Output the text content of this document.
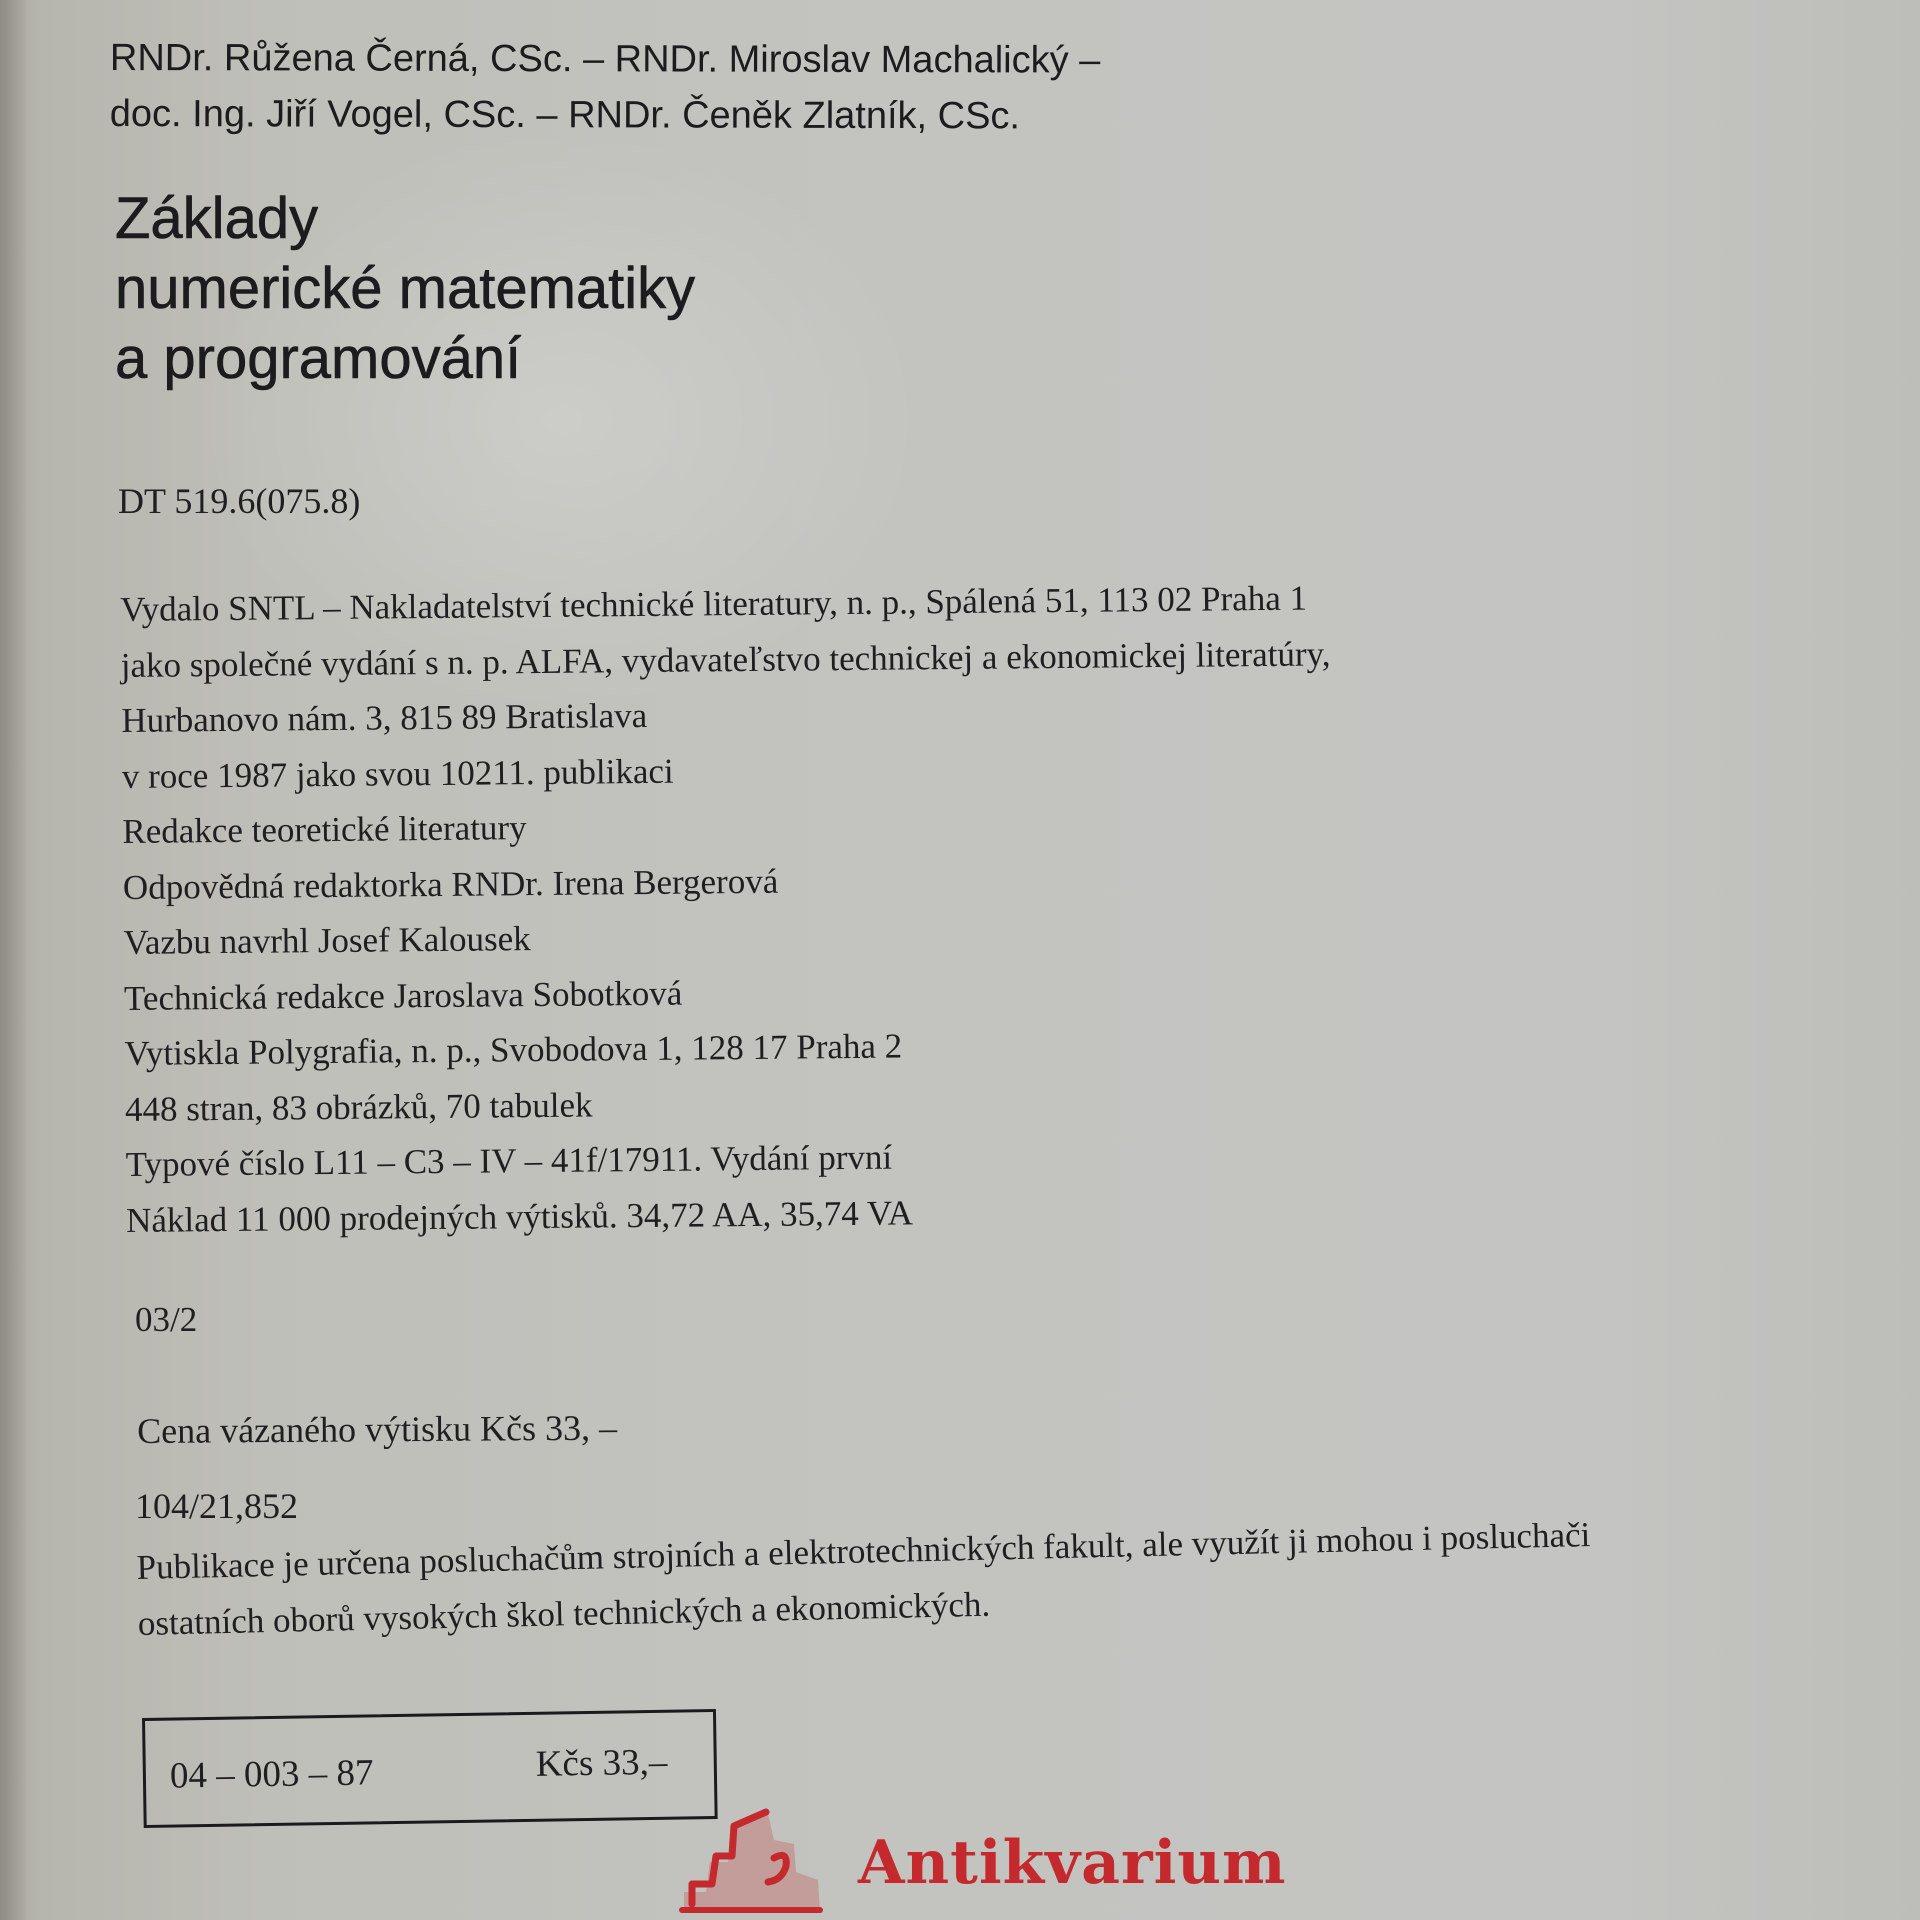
RNDr. Růžena Černá, CSc. – RNDr. Miroslav Machalický –
doc. Ing. Jiří Vogel, CSc. – RNDr. Čeněk Zlatník, CSc.
Základy
numerické matematiky
a programování
DT 519.6(075.8)
Vydalo SNTL – Nakladatelství technické literatury, n. p., Spálená 51, 113 02 Praha 1
jako společné vydání s n. p. ALFA, vydavateľstvo technickej a ekonomickej literatúry,
Hurbanovo nám. 3, 815 89 Bratislava
v roce 1987 jako svou 10211. publikaci
Redakce teoretické literatury
Odpovědná redaktorka RNDr. Irena Bergerová
Vazbu navrhl Josef Kalousek
Technická redakce Jaroslava Sobotková
Vytiskla Polygrafia, n. p., Svobodova 1, 128 17 Praha 2
448 stran, 83 obrázků, 70 tabulek
Typové číslo L11 – C3 – IV – 41f/17911. Vydání první
Náklad 11 000 prodejných výtisků. 34,72 AA, 35,74 VA
03/2
Cena vázaného výtisku Kčs 33, –
104/21,852
Publikace je určena posluchačům strojních a elektrotechnických fakult, ale využít ji mohou i posluchači
ostatních oborů vysokých škol technických a ekonomických.
04 – 003 – 87	Kčs 33,–
Antikvarium
